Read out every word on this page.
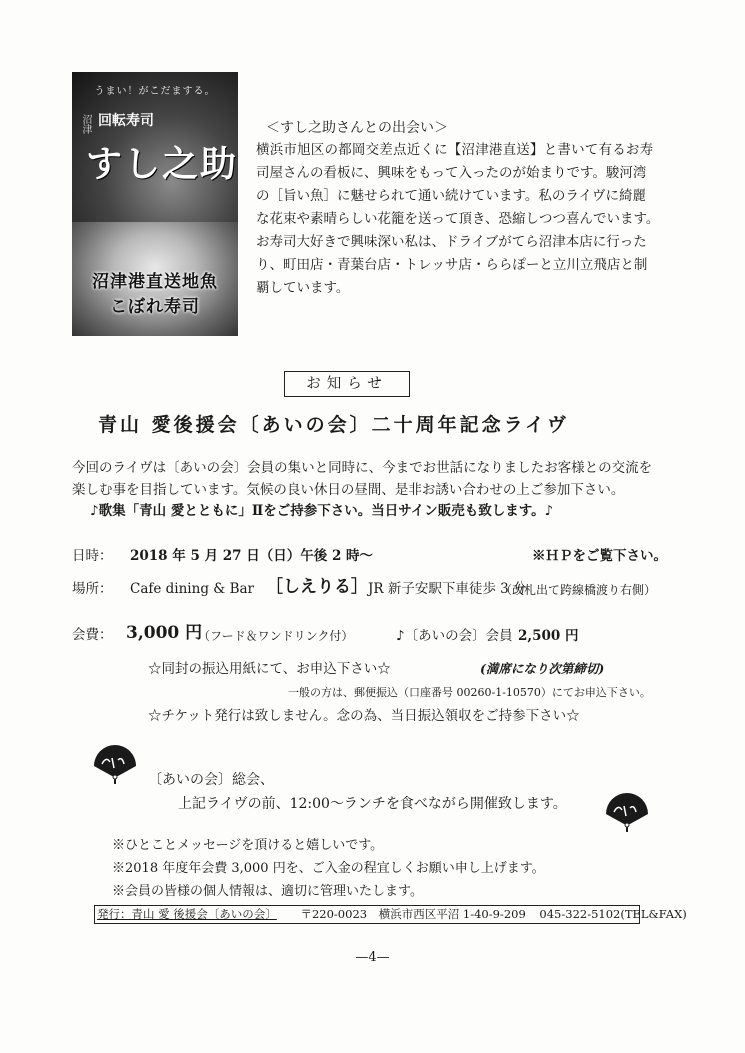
うまい！がこだまする。
沼津 回転寿司
すし之助
沼津港直送地魚
こぼれ寿司
＜すし之助さんとの出会い＞
横浜市旭区の都岡交差点近くに【沼津港直送】と書いて有るお寿
司屋さんの看板に、興味をもって入ったのが始まりです。駿河湾
の［旨い魚］に魅せられて通い続けています。私のライヴに綺麗
な花束や素晴らしい花籠を送って頂き、恐縮しつつ喜んでいます。
お寿司大好きで興味深い私は、ドライブがてら沼津本店に行った
り、町田店・青葉台店・トレッサ店・ららぽーと立川立飛店と制
覇しています。
お知らせ
青山 愛後援会〔あいの会〕二十周年記念ライヴ
今回のライヴは〔あいの会〕会員の集いと同時に、今までお世話になりましたお客様との交流を
楽しむ事を目指しています。気候の良い休日の昼間、是非お誘い合わせの上ご参加下さい。
♪歌集「青山 愛とともに」Ⅱをご持参下さい。当日サイン販売も致します。♪
日時： 2018 年 5 月 27 日（日）午後 2 時～	※ＨＰをご覧下さい。
場所： Cafe dining & Bar ［しえりる］ JR 新子安駅下車徒歩 3 分
（改札出て跨線橋渡り右側）
会費： 3,000 円
（フード＆ワンドリンク付）	♪〔あいの会〕会員 2,500 円
☆同封の振込用紙にて、お申込下さい☆	(満席になり次第締切)
一般の方は、郵便振込（口座番号 00260-1-10570）にてお申込下さい。
☆チケット発行は致しません。念の為、当日振込領収をご持参下さい☆
〔あいの会〕総会、
上記ライヴの前、12:00～ランチを食べながら開催致します。
※ひとことメッセージを頂けると嬉しいです。
※2018 年度年会費 3,000 円を、ご入金の程宜しくお願い申し上げます。
※会員の皆様の個人情報は、適切に管理いたします。
発行：青山 愛 後援会〔あいの会〕 〒220-0023 横浜市西区平沼 1-40-9-209 045-322-5102(TEL&FAX)
—4—
